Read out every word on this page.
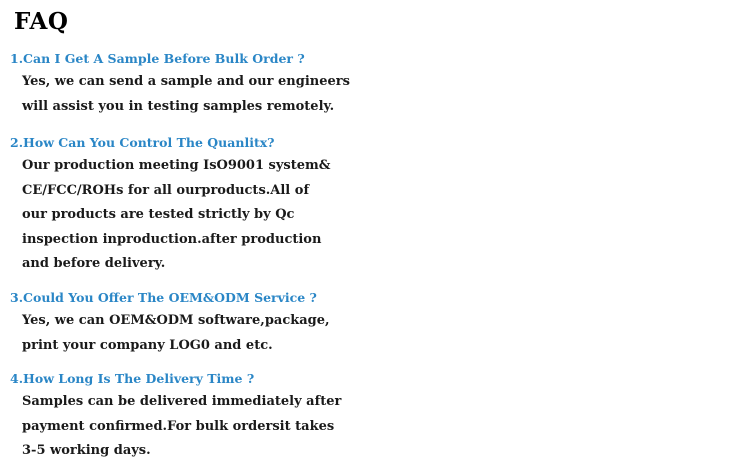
FAQ
1.Can I Get A Sample Before Bulk Order ?
Yes, we can send a sample and our engineers
will assist you in testing samples remotely.
2.How Can You Control The Quanlitx?
Our production meeting IsO9001 system&
CE/FCC/ROHs for all ourproducts.All of
our products are tested strictly by Qc
inspection inproduction.after production
and before delivery.
3.Could You Offer The OEM&ODM Service ?
Yes, we can OEM&ODM software,package,
print your company LOG0 and etc.
4.How Long Is The Delivery Time ?
Samples can be delivered immediately after
payment confirmed.For bulk ordersit takes
3-5 working days.
